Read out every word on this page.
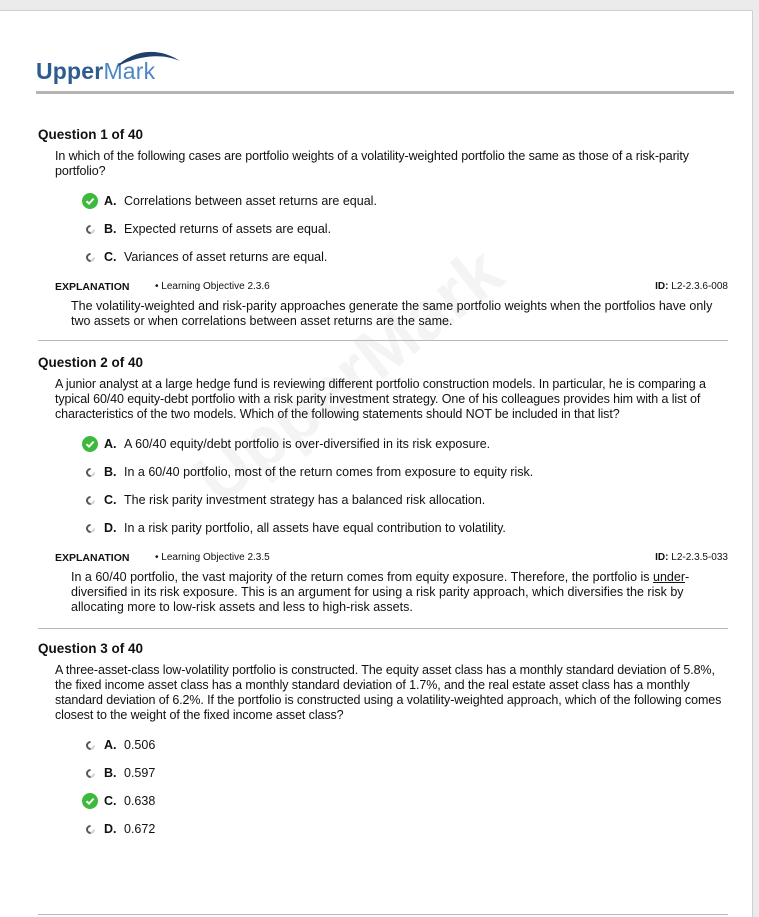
UpperMark
Question 1 of 40
In which of the following cases are portfolio weights of a volatility-weighted portfolio the same as those of a risk-parity portfolio?
A. Correlations between asset returns are equal.
B. Expected returns of assets are equal.
C. Variances of asset returns are equal.
EXPLANATION	• Learning Objective 2.3.6	ID: L2-2.3.6-008
The volatility-weighted and risk-parity approaches generate the same portfolio weights when the portfolios have only two assets or when correlations between asset returns are the same.
Question 2 of 40
A junior analyst at a large hedge fund is reviewing different portfolio construction models. In particular, he is comparing a typical 60/40 equity-debt portfolio with a risk parity investment strategy. One of his colleagues provides him with a list of characteristics of the two models. Which of the following statements should NOT be included in that list?
A. A 60/40 equity/debt portfolio is over-diversified in its risk exposure.
B. In a 60/40 portfolio, most of the return comes from exposure to equity risk.
C. The risk parity investment strategy has a balanced risk allocation.
D. In a risk parity portfolio, all assets have equal contribution to volatility.
EXPLANATION	• Learning Objective 2.3.5	ID: L2-2.3.5-033
In a 60/40 portfolio, the vast majority of the return comes from equity exposure. Therefore, the portfolio is under-diversified in its risk exposure. This is an argument for using a risk parity approach, which diversifies the risk by allocating more to low-risk assets and less to high-risk assets.
Question 3 of 40
A three-asset-class low-volatility portfolio is constructed. The equity asset class has a monthly standard deviation of 5.8%, the fixed income asset class has a monthly standard deviation of 1.7%, and the real estate asset class has a monthly standard deviation of 6.2%. If the portfolio is constructed using a volatility-weighted approach, which of the following comes closest to the weight of the fixed income asset class?
A. 0.506
B. 0.597
C. 0.638
D. 0.672
